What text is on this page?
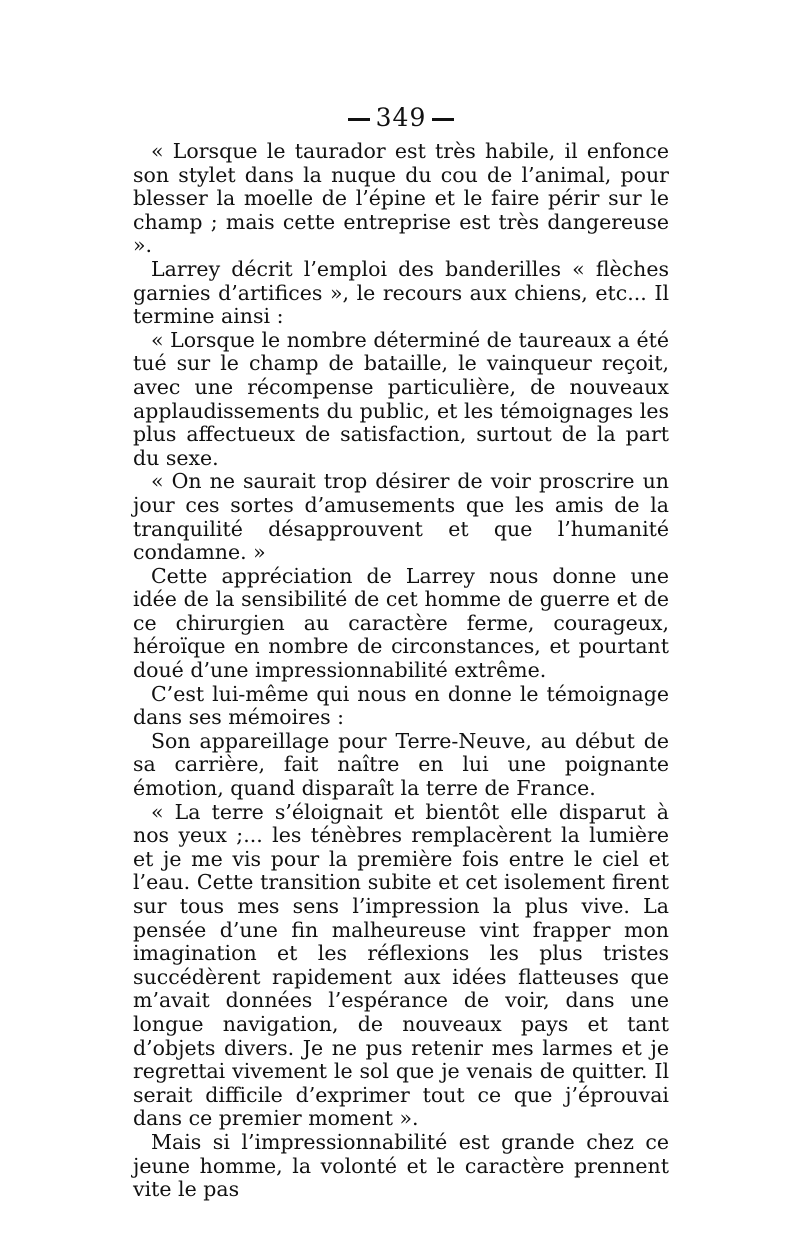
349

« Lorsque le taurador est très habile, il enfonce son stylet dans la nuque du cou de l’animal, pour blesser la moelle de l’épine et le faire périr sur le champ ; mais cette entreprise est très dangereuse ».

Larrey décrit l’emploi des banderilles « flèches garnies d’artifices », le recours aux chiens, etc... Il termine ainsi :

« Lorsque le nombre déterminé de taureaux a été tué sur le champ de bataille, le vainqueur reçoit, avec une récompense particulière, de nouveaux applaudissements du public, et les témoignages les plus affectueux de satisfaction, surtout de la part du sexe.

« On ne saurait trop désirer de voir proscrire un jour ces sortes d’amusements que les amis de la tranquilité désapprouvent et que l’humanité condamne. »

Cette appréciation de Larrey nous donne une idée de la sensibilité de cet homme de guerre et de ce chirurgien au caractère ferme, courageux, héroïque en nombre de circonstances, et pourtant doué d’une impressionnabilité extrême.

C’est lui-même qui nous en donne le témoignage dans ses mémoires :

Son appareillage pour Terre-Neuve, au début de sa carrière, fait naître en lui une poignante émotion, quand disparaît la terre de France.

« La terre s’éloignait et bientôt elle disparut à nos yeux ;... les ténèbres remplacèrent la lumière et je me vis pour la première fois entre le ciel et l’eau. Cette transition subite et cet isolement firent sur tous mes sens l’impression la plus vive. La pensée d’une fin malheureuse vint frapper mon imagination et les réflexions les plus tristes succédèrent rapidement aux idées flatteuses que m’avait données l’espérance de voir, dans une longue navigation, de nouveaux pays et tant d’objets divers. Je ne pus retenir mes larmes et je regrettai vivement le sol que je venais de quitter. Il serait difficile d’exprimer tout ce que j’éprouvai dans ce premier moment ».

Mais si l’impressionnabilité est grande chez ce jeune homme, la volonté et le caractère prennent vite le pas
